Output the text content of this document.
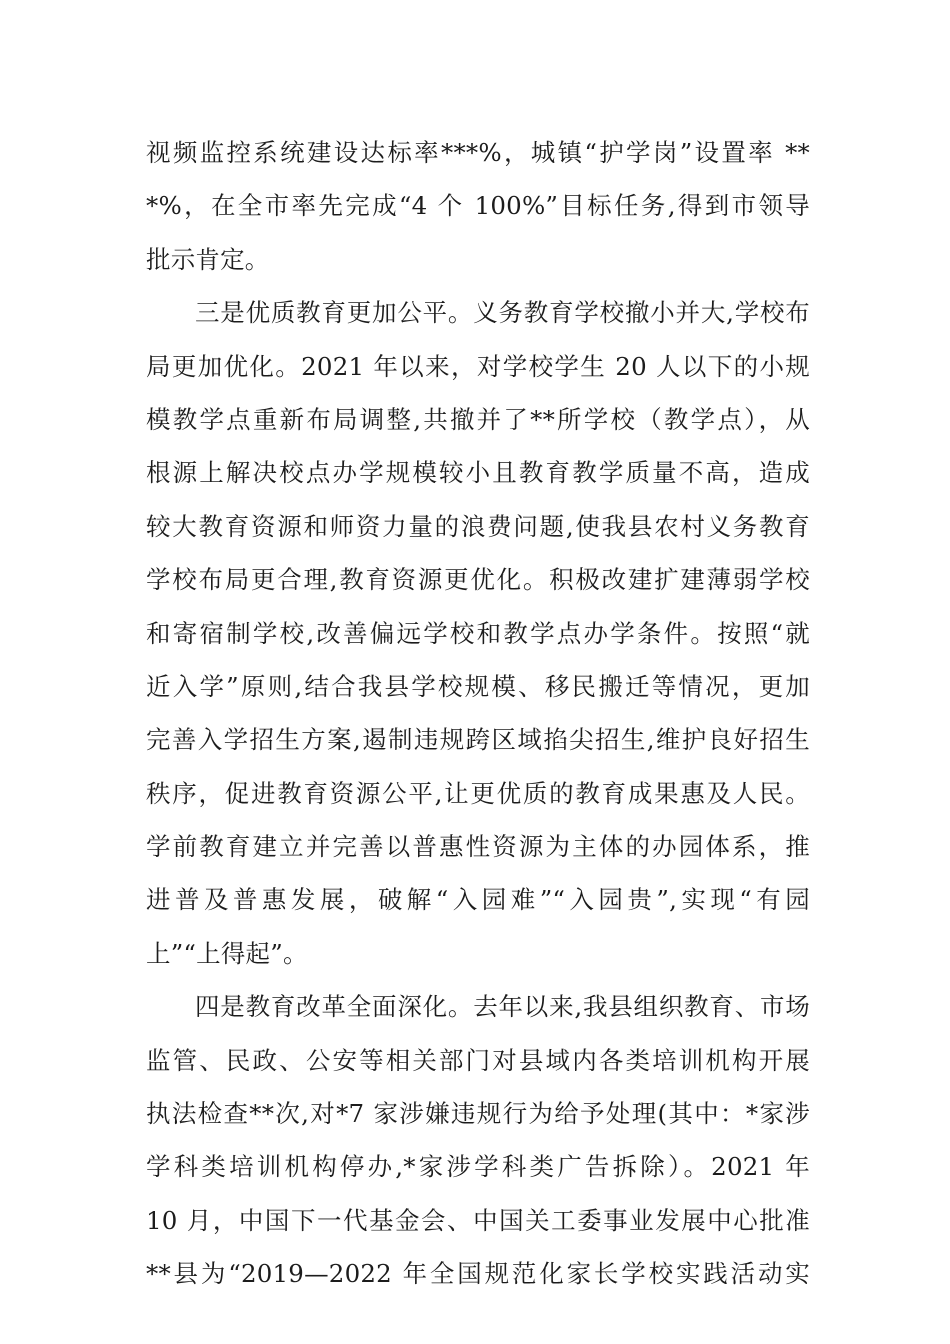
视频监控系统建设达标率***%，城镇“护学岗”设置率 **
*%，在全市率先完成“4 个 100%”目标任务,得到市领导
批示肯定。
三是优质教育更加公平。义务教育学校撤小并大,学校布
局更加优化。2021 年以来，对学校学生 20 人以下的小规
模教学点重新布局调整,共撤并了**所学校（教学点），从
根源上解决校点办学规模较小且教育教学质量不高，造成
较大教育资源和师资力量的浪费问题,使我县农村义务教育
学校布局更合理,教育资源更优化。积极改建扩建薄弱学校
和寄宿制学校,改善偏远学校和教学点办学条件。按照“就
近入学”原则,结合我县学校规模、移民搬迁等情况，更加
完善入学招生方案,遏制违规跨区域掐尖招生,维护良好招生
秩序，促进教育资源公平,让更优质的教育成果惠及人民。
学前教育建立并完善以普惠性资源为主体的办园体系，推
进普及普惠发展，破解“入园难”“入园贵”,实现“有园
上”“上得起”。
四是教育改革全面深化。去年以来,我县组织教育、市场
监管、民政、公安等相关部门对县域内各类培训机构开展
执法检查**次,对*7 家涉嫌违规行为给予处理(其中：*家涉
学科类培训机构停办,*家涉学科类广告拆除）。2021 年
10 月，中国下一代基金会、中国关工委事业发展中心批准
**县为“2019—2022 年全国规范化家长学校实践活动实
